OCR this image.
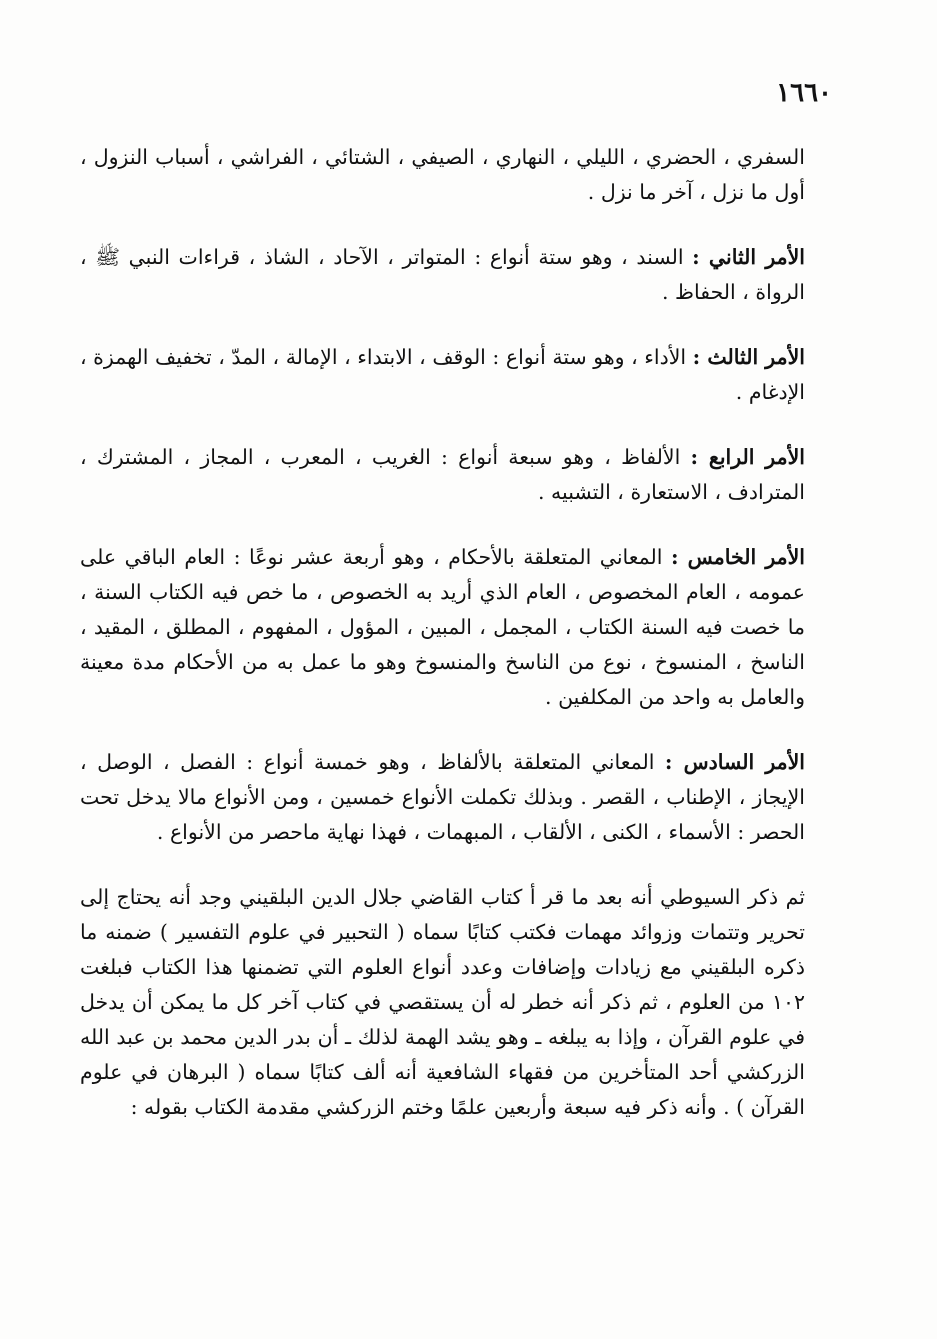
١٦٦٠

السفري ، الحضري ، الليلي ، النهاري ، الصيفي ، الشتائي ، الفراشي ، أسباب النزول ، أول ما نزل ، آخر ما نزل .

الأمر الثاني : السند ، وهو ستة أنواع : المتواتر ، الآحاد ، الشاذ ، قراءات النبي ﷺ ، الرواة ، الحفاظ .

الأمر الثالث : الأداء ، وهو ستة أنواع : الوقف ، الابتداء ، الإمالة ، المدّ ، تخفيف الهمزة ، الإدغام .

الأمر الرابع : الألفاظ ، وهو سبعة أنواع : الغريب ، المعرب ، المجاز ، المشترك ، المترادف ، الاستعارة ، التشبيه .

الأمر الخامس : المعاني المتعلقة بالأحكام ، وهو أربعة عشر نوعًا : العام الباقي على عمومه ، العام المخصوص ، العام الذي أريد به الخصوص ، ما خص فيه الكتاب السنة ، ما خصت فيه السنة الكتاب ، المجمل ، المبين ، المؤول ، المفهوم ، المطلق ، المقيد ، الناسخ ، المنسوخ ، نوع من الناسخ والمنسوخ وهو ما عمل به من الأحكام مدة معينة والعامل به واحد من المكلفين .

الأمر السادس : المعاني المتعلقة بالألفاظ ، وهو خمسة أنواع : الفصل ، الوصل ، الإيجاز ، الإطناب ، القصر . وبذلك تكملت الأنواع خمسين ، ومن الأنواع مالا يدخل تحت الحصر : الأسماء ، الكنى ، الألقاب ، المبهمات ، فهذا نهاية ماحصر من الأنواع .

ثم ذكر السيوطي أنه بعد ما قر أ كتاب القاضي جلال الدين البلقيني وجد أنه يحتاج إلى تحرير وتتمات وزوائد مهمات فكتب كتابًا سماه ( التحبير في علوم التفسير ) ضمنه ما ذكره البلقيني مع زيادات وإضافات وعدد أنواع العلوم التي تضمنها هذا الكتاب فبلغت ١٠٢ من العلوم ، ثم ذكر أنه خطر له أن يستقصي في كتاب آخر كل ما يمكن أن يدخل في علوم القرآن ، وإذا به يبلغه ـ وهو يشد الهمة لذلك ـ أن بدر الدين محمد بن عبد الله الزركشي أحد المتأخرين من فقهاء الشافعية أنه ألف كتابًا سماه ( البرهان في علوم القرآن ) . وأنه ذكر فيه سبعة وأربعين علمًا وختم الزركشي مقدمة الكتاب بقوله :
